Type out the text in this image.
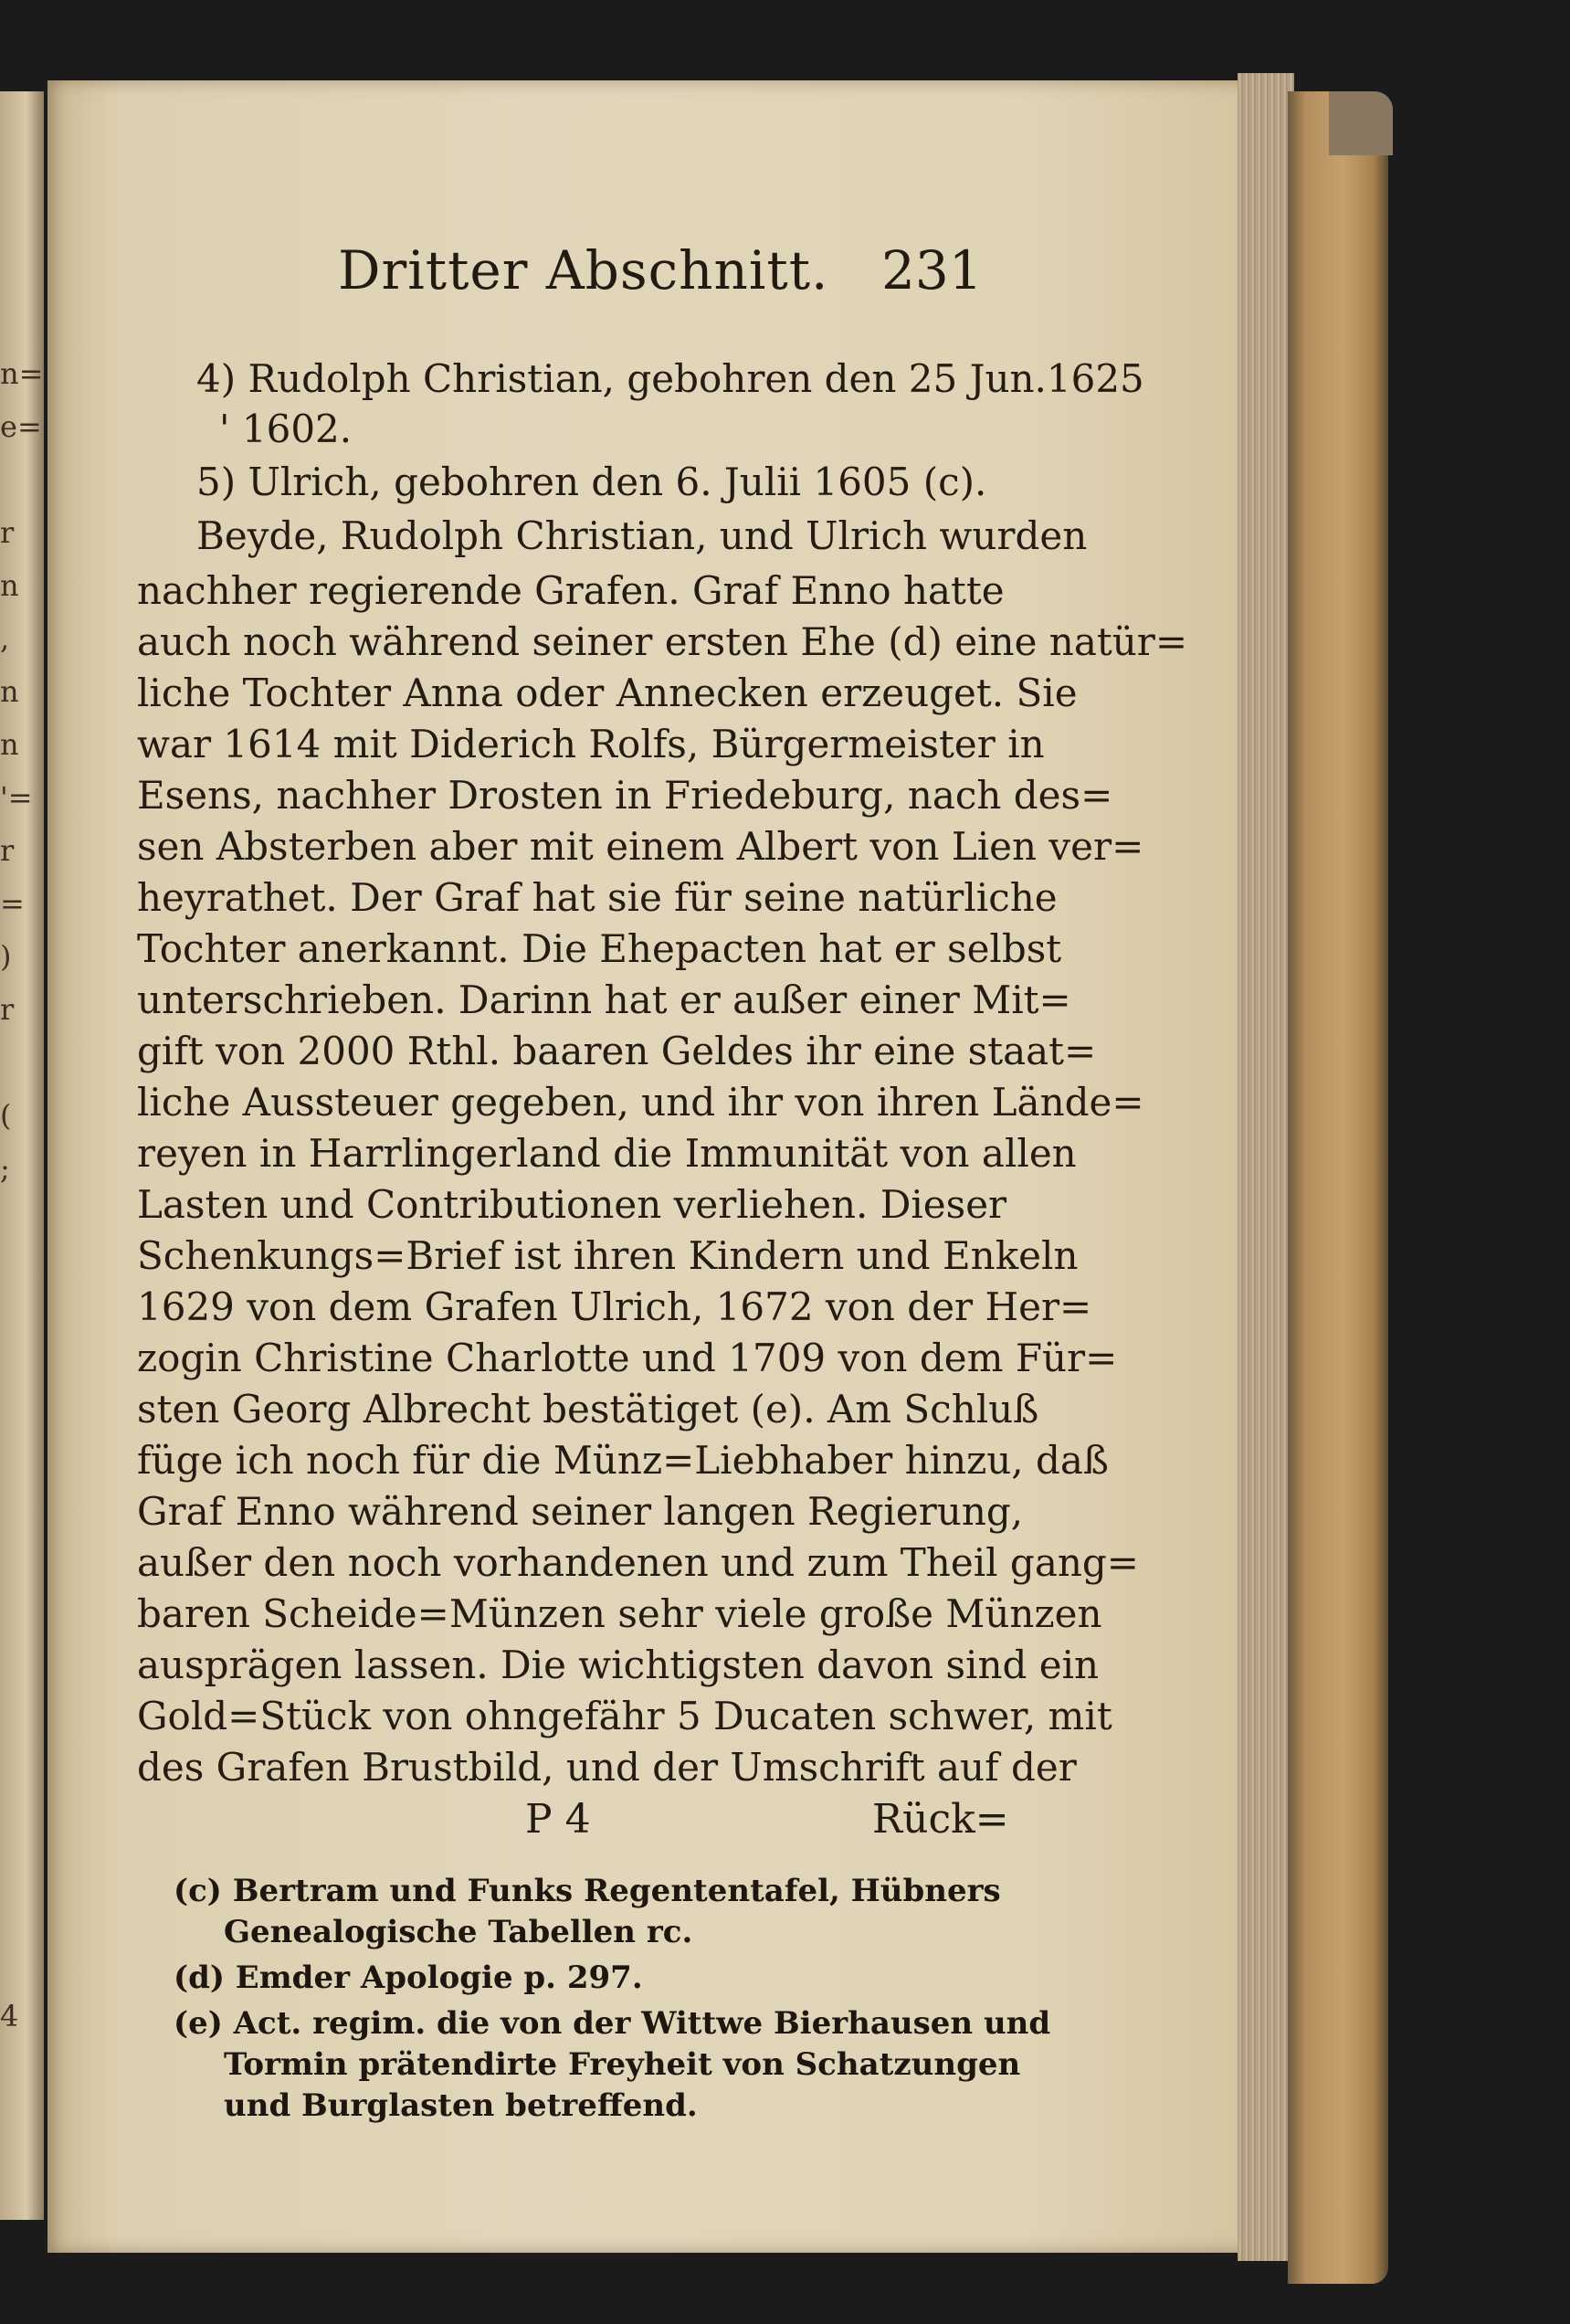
n=
e=

r
n
,
n
n
'=
r
=
)
r

(
;

4
Dritter Abschnitt. 231
4) Rudolph Christian, gebohren den 25 Jun.1625
' 1602.
5) Ulrich, gebohren den 6. Julii 1605 (c).
Beyde, Rudolph Christian, und Ulrich wurden
nachher regierende Grafen. Graf Enno hatte
auch noch während seiner ersten Ehe (d) eine natür=
liche Tochter Anna oder Annecken erzeuget. Sie
war 1614 mit Diderich Rolfs, Bürgermeister in
Esens, nachher Drosten in Friedeburg, nach des=
sen Absterben aber mit einem Albert von Lien ver=
heyrathet. Der Graf hat sie für seine natürliche
Tochter anerkannt. Die Ehepacten hat er selbst
unterschrieben. Darinn hat er außer einer Mit=
gift von 2000 Rthl. baaren Geldes ihr eine staat=
liche Aussteuer gegeben, und ihr von ihren Lände=
reyen in Harrlingerland die Immunität von allen
Lasten und Contributionen verliehen. Dieser
Schenkungs=Brief ist ihren Kindern und Enkeln
1629 von dem Grafen Ulrich, 1672 von der Her=
zogin Christine Charlotte und 1709 von dem Für=
sten Georg Albrecht bestätiget (e). Am Schluß
füge ich noch für die Münz=Liebhaber hinzu, daß
Graf Enno während seiner langen Regierung,
außer den noch vorhandenen und zum Theil gang=
baren Scheide=Münzen sehr viele große Münzen
ausprägen lassen. Die wichtigsten davon sind ein
Gold=Stück von ohngefähr 5 Ducaten schwer, mit
des Grafen Brustbild, und der Umschrift auf der
P 4	Rück=
(c) Bertram und Funks Regententafel, Hübners
Genealogische Tabellen rc.
(d) Emder Apologie p. 297.
(e) Act. regim. die von der Wittwe Bierhausen und
Tormin prätendirte Freyheit von Schatzungen
und Burglasten betreffend.
